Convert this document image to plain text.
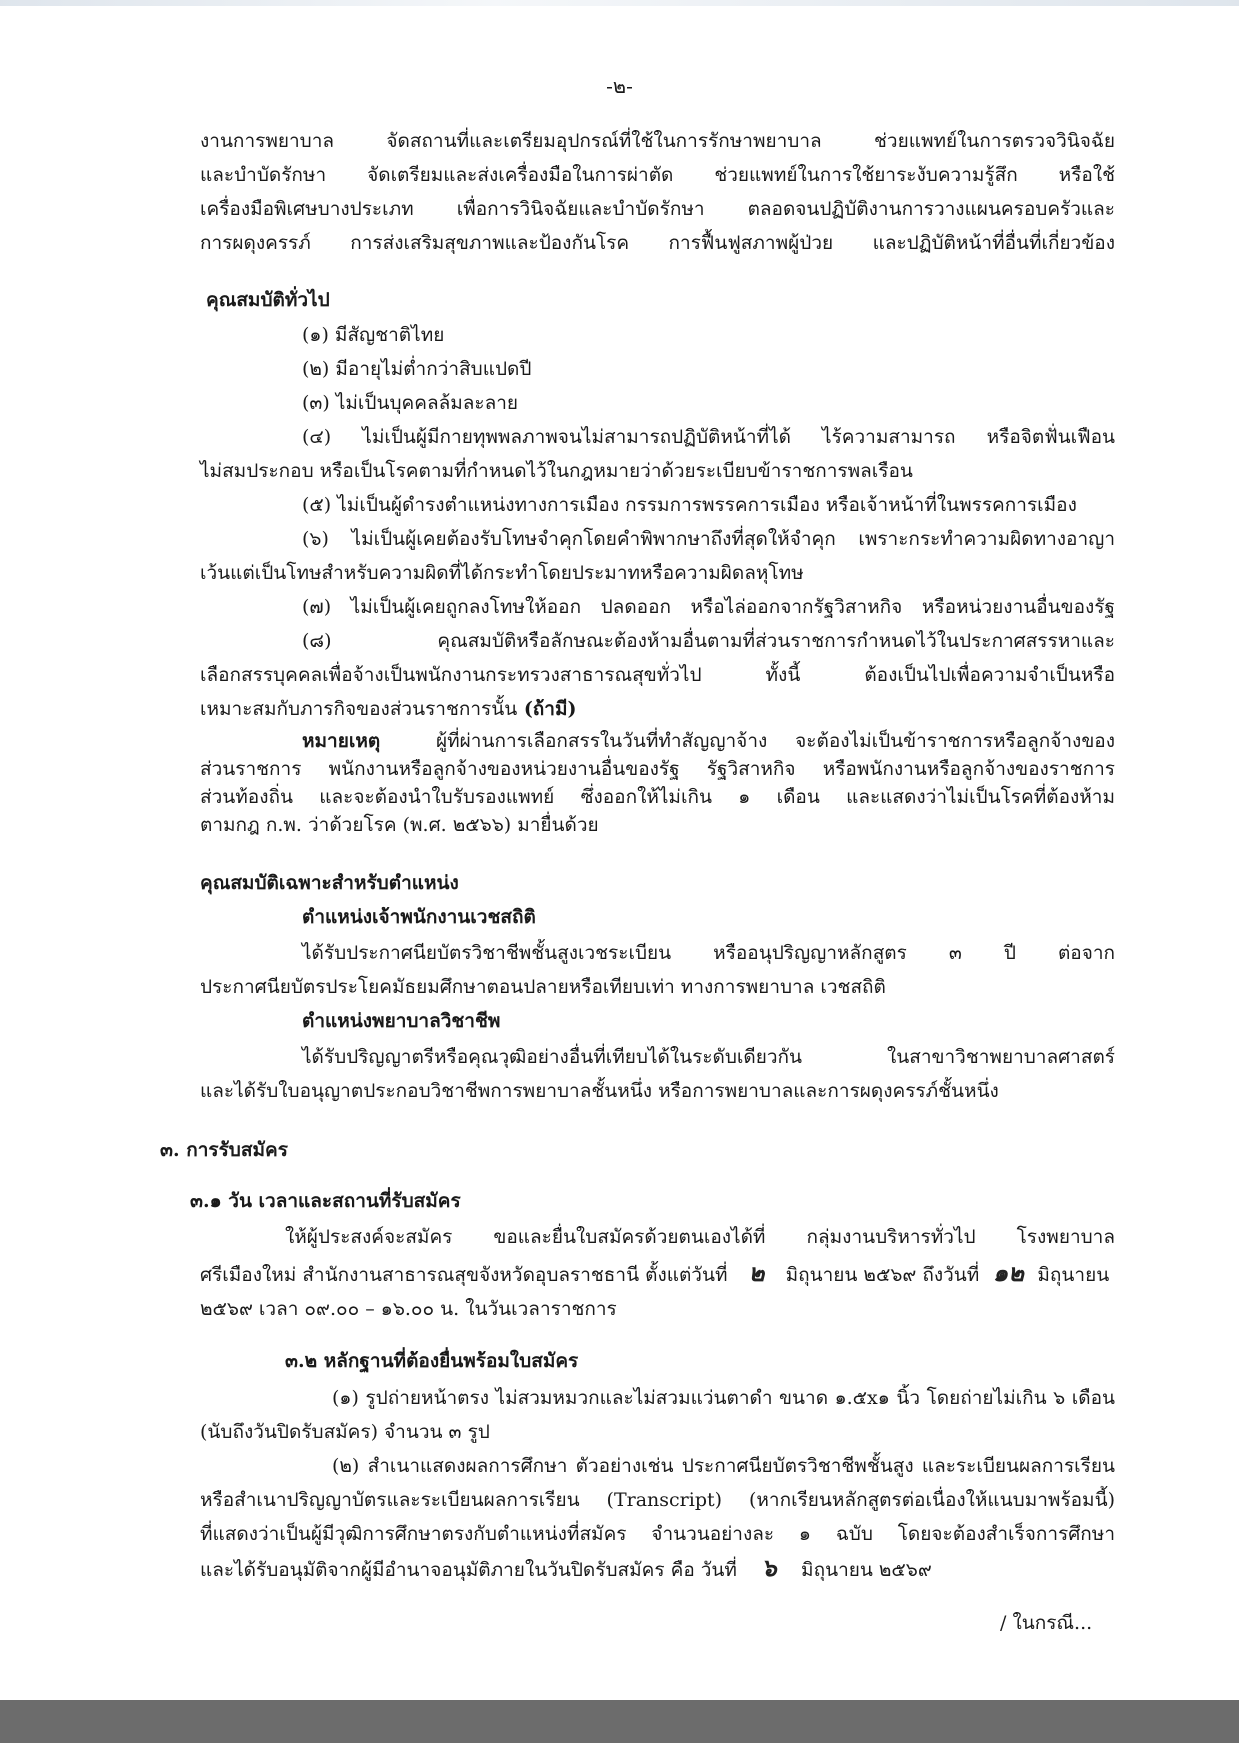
-๒-
งานการพยาบาล จัดสถานที่และเตรียมอุปกรณ์ที่ใช้ในการรักษาพยาบาล ช่วยแพทย์ในการตรวจวินิจฉัย
และบำบัดรักษา จัดเตรียมและส่งเครื่องมือในการผ่าตัด ช่วยแพทย์ในการใช้ยาระงับความรู้สึก หรือใช้
เครื่องมือพิเศษบางประเภท เพื่อการวินิจฉัยและบำบัดรักษา ตลอดจนปฏิบัติงานการวางแผนครอบครัวและ
การผดุงครรภ์ การส่งเสริมสุขภาพและป้องกันโรค การฟื้นฟูสภาพผู้ป่วย และปฏิบัติหน้าที่อื่นที่เกี่ยวข้อง
คุณสมบัติทั่วไป
(๑) มีสัญชาติไทย
(๒) มีอายุไม่ต่ำกว่าสิบแปดปี
(๓) ไม่เป็นบุคคลล้มละลาย
(๔) ไม่เป็นผู้มีกายทุพพลภาพจนไม่สามารถปฏิบัติหน้าที่ได้ ไร้ความสามารถ หรือจิตฟั่นเฟือน
ไม่สมประกอบ หรือเป็นโรคตามที่กำหนดไว้ในกฎหมายว่าด้วยระเบียบข้าราชการพลเรือน
(๕) ไม่เป็นผู้ดำรงตำแหน่งทางการเมือง กรรมการพรรคการเมือง หรือเจ้าหน้าที่ในพรรคการเมือง
(๖) ไม่เป็นผู้เคยต้องรับโทษจำคุกโดยคำพิพากษาถึงที่สุดให้จำคุก เพราะกระทำความผิดทางอาญา
เว้นแต่เป็นโทษสำหรับความผิดที่ได้กระทำโดยประมาทหรือความผิดลหุโทษ
(๗) ไม่เป็นผู้เคยถูกลงโทษให้ออก ปลดออก หรือไล่ออกจากรัฐวิสาหกิจ หรือหน่วยงานอื่นของรัฐ
(๘) คุณสมบัติหรือลักษณะต้องห้ามอื่นตามที่ส่วนราชการกำหนดไว้ในประกาศสรรหาและ
เลือกสรรบุคคลเพื่อจ้างเป็นพนักงานกระทรวงสาธารณสุขทั่วไป ทั้งนี้ ต้องเป็นไปเพื่อความจำเป็นหรือ
เหมาะสมกับภารกิจของส่วนราชการนั้น (ถ้ามี)
หมายเหตุ	ผู้ที่ผ่านการเลือกสรรในวันที่ทำสัญญาจ้าง จะต้องไม่เป็นข้าราชการหรือลูกจ้างของ
ส่วนราชการ พนักงานหรือลูกจ้างของหน่วยงานอื่นของรัฐ รัฐวิสาหกิจ หรือพนักงานหรือลูกจ้างของราชการ
ส่วนท้องถิ่น และจะต้องนำใบรับรองแพทย์ ซึ่งออกให้ไม่เกิน ๑ เดือน และแสดงว่าไม่เป็นโรคที่ต้องห้าม
ตามกฎ ก.พ. ว่าด้วยโรค (พ.ศ. ๒๕๖๖) มายื่นด้วย
คุณสมบัติเฉพาะสำหรับตำแหน่ง
ตำแหน่งเจ้าพนักงานเวชสถิติ
ได้รับประกาศนียบัตรวิชาชีพชั้นสูงเวชระเบียน หรืออนุปริญญาหลักสูตร ๓ ปี ต่อจาก
ประกาศนียบัตรประโยคมัธยมศึกษาตอนปลายหรือเทียบเท่า ทางการพยาบาล เวชสถิติ
ตำแหน่งพยาบาลวิชาชีพ
ได้รับปริญญาตรีหรือคุณวุฒิอย่างอื่นที่เทียบได้ในระดับเดียวกัน ในสาขาวิชาพยาบาลศาสตร์
และได้รับใบอนุญาตประกอบวิชาชีพการพยาบาลชั้นหนึ่ง หรือการพยาบาลและการผดุงครรภ์ชั้นหนึ่ง
๓. การรับสมัคร
๓.๑ วัน เวลาและสถานที่รับสมัคร
ให้ผู้ประสงค์จะสมัคร ขอและยื่นใบสมัครด้วยตนเองได้ที่ กลุ่มงานบริหารทั่วไป โรงพยาบาล
ศรีเมืองใหม่ สำนักงานสาธารณสุขจังหวัดอุบลราชธานี ตั้งแต่วันที่ ๒ มิถุนายน ๒๕๖๙ ถึงวันที่ ๑๒ มิถุนายน
๒๕๖๙ เวลา ๐๙.๐๐ – ๑๖.๐๐ น. ในวันเวลาราชการ
๓.๒ หลักฐานที่ต้องยื่นพร้อมใบสมัคร
(๑) รูปถ่ายหน้าตรง ไม่สวมหมวกและไม่สวมแว่นตาดำ ขนาด ๑.๕x๑ นิ้ว โดยถ่ายไม่เกิน ๖ เดือน
(นับถึงวันปิดรับสมัคร) จำนวน ๓ รูป
(๒) สำเนาแสดงผลการศึกษา ตัวอย่างเช่น ประกาศนียบัตรวิชาชีพชั้นสูง และระเบียนผลการเรียน
หรือสำเนาปริญญาบัตรและระเบียนผลการเรียน (Transcript) (หากเรียนหลักสูตรต่อเนื่องให้แนบมาพร้อมนี้)
ที่แสดงว่าเป็นผู้มีวุฒิการศึกษาตรงกับตำแหน่งที่สมัคร จำนวนอย่างละ ๑ ฉบับ โดยจะต้องสำเร็จการศึกษา
และได้รับอนุมัติจากผู้มีอำนาจอนุมัติภายในวันปิดรับสมัคร คือ วันที่ ๖ มิถุนายน ๒๕๖๙
/ ในกรณี...
